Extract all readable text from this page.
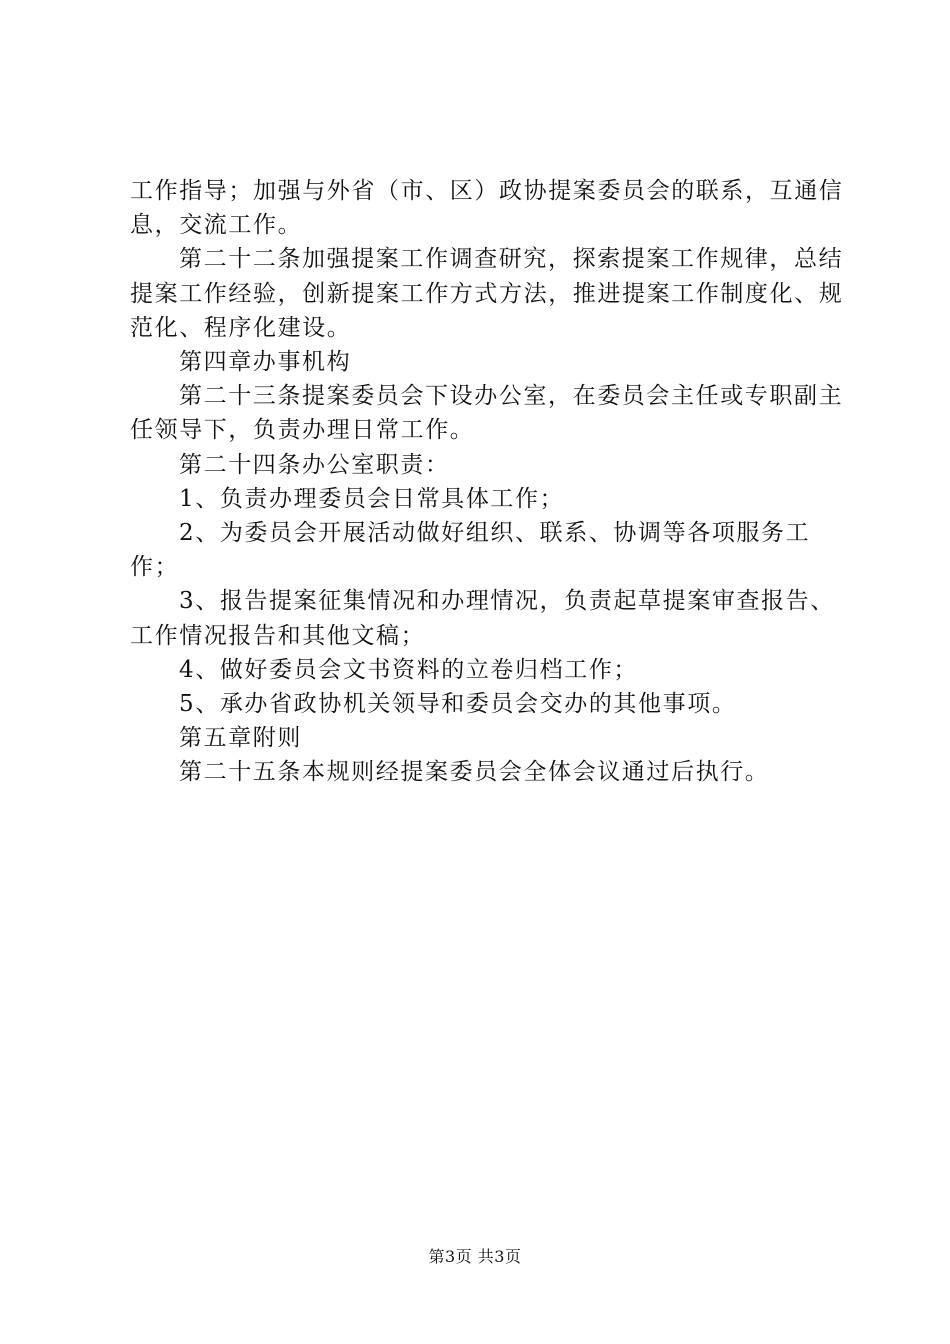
工作指导；加强与外省（市、区）政协提案委员会的联系，互通信息，交流工作。

第二十二条加强提案工作调查研究，探索提案工作规律，总结提案工作经验，创新提案工作方式方法，推进提案工作制度化、规范化、程序化建设。

第四章办事机构

第二十三条提案委员会下设办公室，在委员会主任或专职副主任领导下，负责办理日常工作。

第二十四条办公室职责：

1、负责办理委员会日常具体工作；

2、为委员会开展活动做好组织、联系、协调等各项服务工作；

3、报告提案征集情况和办理情况，负责起草提案审查报告、工作情况报告和其他文稿；

4、做好委员会文书资料的立卷归档工作；

5、承办省政协机关领导和委员会交办的其他事项。

第五章附则

第二十五条本规则经提案委员会全体会议通过后执行。

第3页 共3页
